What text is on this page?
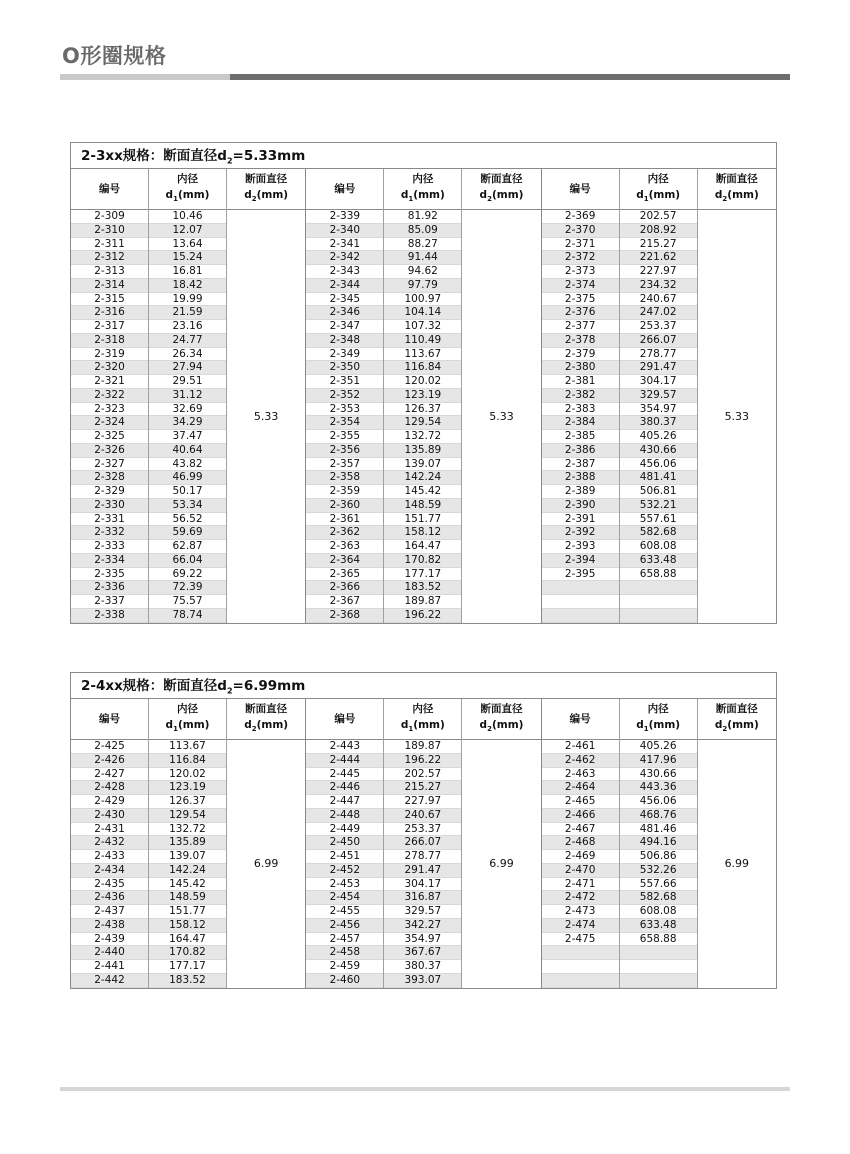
O形圈规格
2-3xx规格：断面直径$d_2=5.33mm$
编号
2-309
2-310
2-311
2-312
2-313
2-314
2-315
2-316
2-317
2-318
2-319
2-320
2-321
2-322
2-323
2-324
2-325
2-326
2-327
2-328
2-329
2-330
2-331
2-332
2-333
2-334
2-335
2-336
2-337
2-338
内径
$d_1(mm)$
10.46
12.07
13.64
15.24
16.81
18.42
19.99
21.59
23.16
24.77
26.34
27.94
29.51
31.12
32.69
34.29
37.47
40.64
43.82
46.99
50.17
53.34
56.52
59.69
62.87
66.04
69.22
72.39
75.57
78.74
断面直径
$d_2(mm)$
5.33
编号
2-339
2-340
2-341
2-342
2-343
2-344
2-345
2-346
2-347
2-348
2-349
2-350
2-351
2-352
2-353
2-354
2-355
2-356
2-357
2-358
2-359
2-360
2-361
2-362
2-363
2-364
2-365
2-366
2-367
2-368
内径
$d_1(mm)$
81.92
85.09
88.27
91.44
94.62
97.79
100.97
104.14
107.32
110.49
113.67
116.84
120.02
123.19
126.37
129.54
132.72
135.89
139.07
142.24
145.42
148.59
151.77
158.12
164.47
170.82
177.17
183.52
189.87
196.22
断面直径
$d_2(mm)$
5.33
编号
2-369
2-370
2-371
2-372
2-373
2-374
2-375
2-376
2-377
2-378
2-379
2-380
2-381
2-382
2-383
2-384
2-385
2-386
2-387
2-388
2-389
2-390
2-391
2-392
2-393
2-394
2-395
内径
$d_1(mm)$
202.57
208.92
215.27
221.62
227.97
234.32
240.67
247.02
253.37
266.07
278.77
291.47
304.17
329.57
354.97
380.37
405.26
430.66
456.06
481.41
506.81
532.21
557.61
582.68
608.08
633.48
658.88
断面直径
$d_2(mm)$
5.33
2-4xx规格：断面直径$d_2=6.99mm$
编号
2-425
2-426
2-427
2-428
2-429
2-430
2-431
2-432
2-433
2-434
2-435
2-436
2-437
2-438
2-439
2-440
2-441
2-442
内径
$d_1(mm)$
113.67
116.84
120.02
123.19
126.37
129.54
132.72
135.89
139.07
142.24
145.42
148.59
151.77
158.12
164.47
170.82
177.17
183.52
断面直径
$d_2(mm)$
6.99
编号
2-443
2-444
2-445
2-446
2-447
2-448
2-449
2-450
2-451
2-452
2-453
2-454
2-455
2-456
2-457
2-458
2-459
2-460
内径
$d_1(mm)$
189.87
196.22
202.57
215.27
227.97
240.67
253.37
266.07
278.77
291.47
304.17
316.87
329.57
342.27
354.97
367.67
380.37
393.07
断面直径
$d_2(mm)$
6.99
编号
2-461
2-462
2-463
2-464
2-465
2-466
2-467
2-468
2-469
2-470
2-471
2-472
2-473
2-474
2-475
内径
$d_1(mm)$
405.26
417.96
430.66
443.36
456.06
468.76
481.46
494.16
506.86
532.26
557.66
582.68
608.08
633.48
658.88
断面直径
$d_2(mm)$
6.99
